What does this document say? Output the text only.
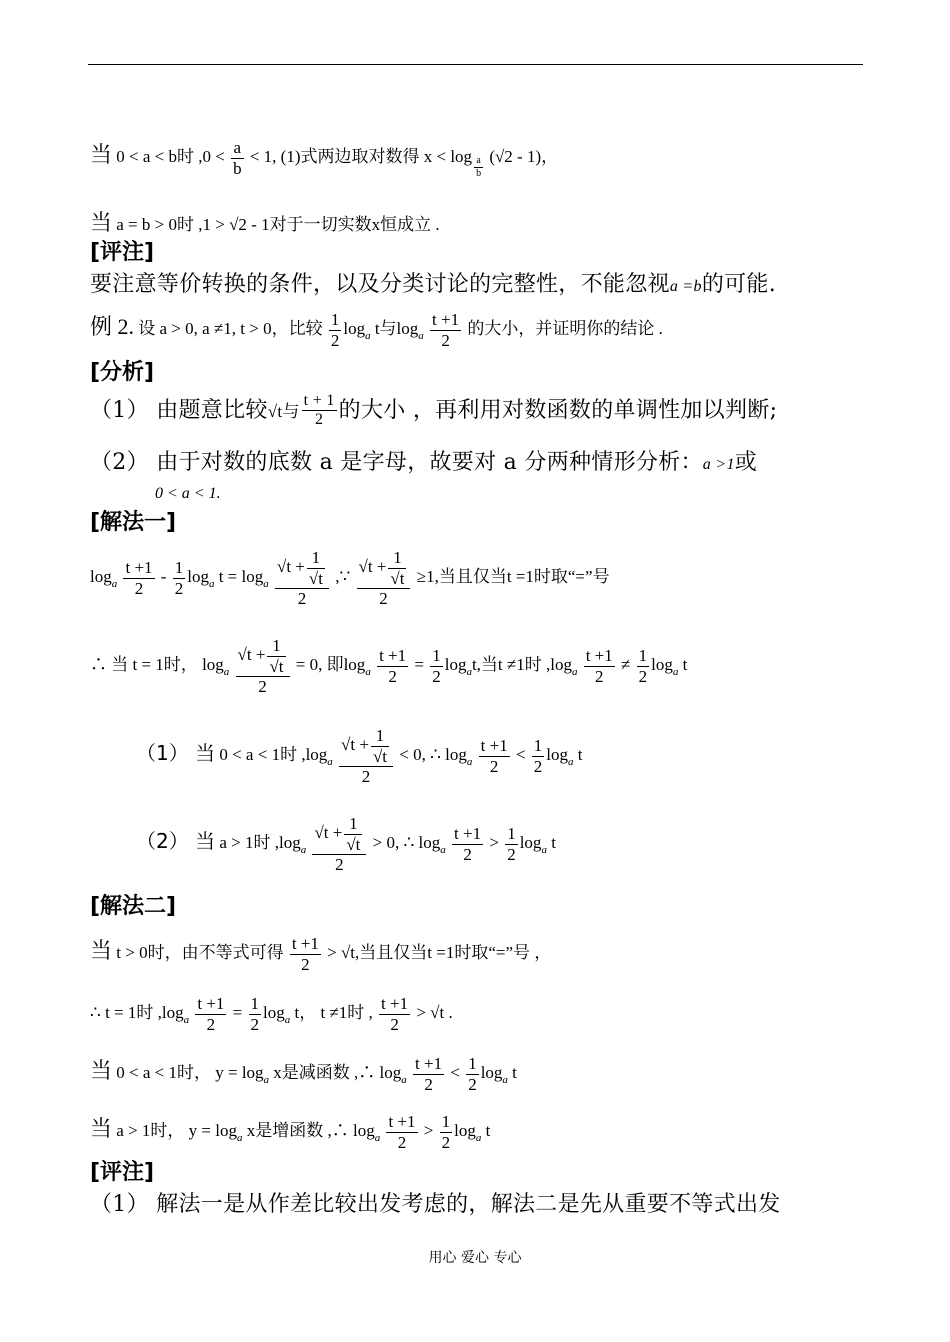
当 0 < a < b时 $,0 < \frac{a}{b} < 1$, (1)式两边取对数得 $x < \log \frac{a}{b} (√2 - 1)$，
当 a = b > 0时 ,1 > √2 - 1对于一切实数x恒成立 .
[评注]
要注意等价转换的条件，以及分类讨论的完整性，不能忽视a =b的可能.
例 2. 设 a > 0, a ≠1, t > 0，比较 $\frac{1}{2} \log_a t$与$\log_a \frac{t +1}{2}$ 的大小，并证明你的结论 .
[分析]
（1） 由题意比较√t与 $\frac{t + 1}{2}$ 的大小 ，再利用对数函数的单调性加以判断;
（2） 由于对数的底数 a 是字母，故要对 a 分两种情形分析：a >1或
0 < a < 1.
[解法一]
$\log_a \frac{t +1}{2} - \frac{1}{2} \log_a t = \log_a \frac{√t + \frac{1}{√t}}{2}$ ,∵ $\frac{√t + \frac{1}{√t}}{2} \ge 1$,当且仅当t =1时取“=”号
∴ 当 t = 1时， $\log_a \frac{√t + \frac{1}{√t}}{2} = 0$, 即$\log_a \frac{t +1}{2} = \frac{1}{2} \log_at$,当t ≠1时 $,\log_a \frac{t +1}{2} \ne \frac{1}{2} \log_a t$
（1） 当 0 < a < 1时 $,\log_a \frac{√t + \frac{1}{√t}}{2} < 0$, ∴ $\log_a \frac{t +1}{2} < \frac{1}{2} \log_a t$
（2） 当 a > 1时 $,\log_a \frac{√t + \frac{1}{√t}}{2} > 0$, ∴ $\log_a \frac{t +1}{2} > \frac{1}{2} \log_a t$
[解法二]
当 t > 0时，由不等式可得 $\frac{t +1}{2} > √t$,当且仅当t =1时取“=”号 ，
∴ t = 1时 $,\log_a \frac{t +1}{2} = \frac{1}{2} \log_a t$， t ≠1时 , $\frac{t +1}{2} > √t$ .
当 0 < a < 1时， $y = \log_a x$是减函数 ,∴ $\log_a \frac{t +1}{2} < \frac{1}{2} \log_a t$
当 a > 1时， $y = \log_a x$是增函数 ,∴ $\log_a \frac{t +1}{2} > \frac{1}{2} \log_a t$
[评注]
（1） 解法一是从作差比较出发考虑的，解法二是先从重要不等式出发
用心 爱心 专心
